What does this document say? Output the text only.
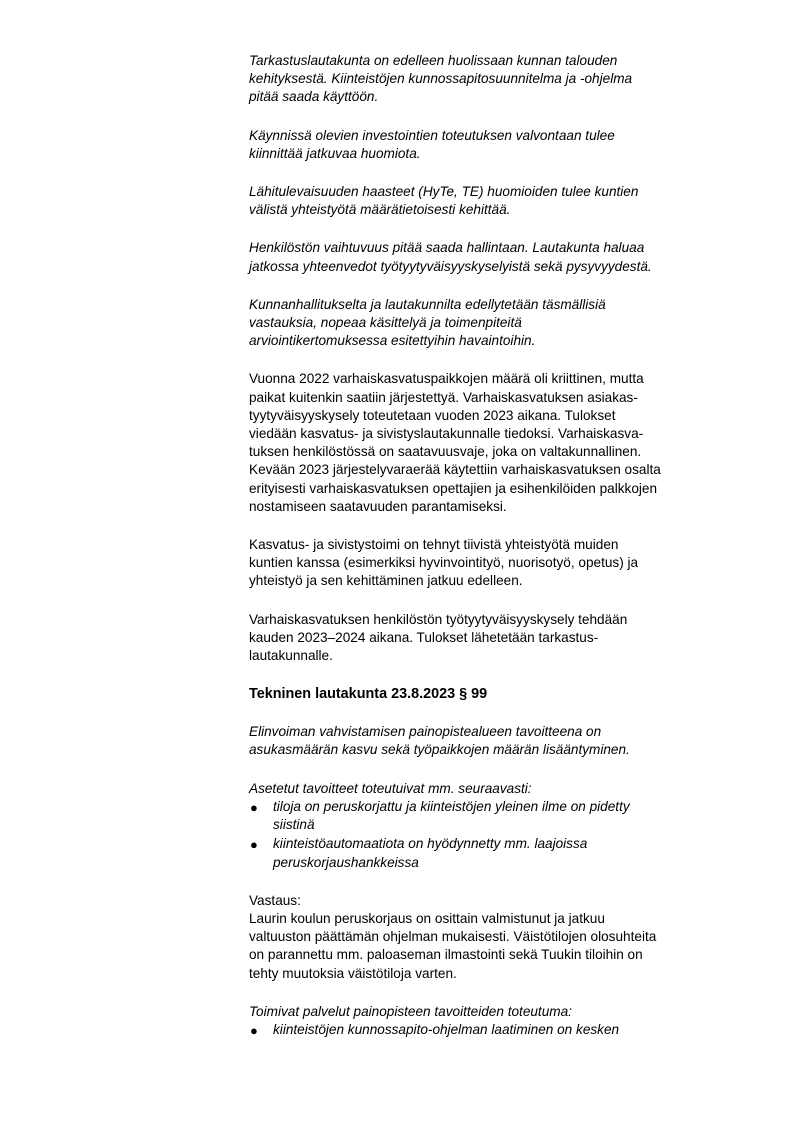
Tarkastuslautakunta on edelleen huolissaan kunnan talouden
kehityksestä. Kiinteistöjen kunnossapitosuunnitelma ja -ohjelma
pitää saada käyttöön.
Käynnissä olevien investointien toteutuksen valvontaan tulee
kiinnittää jatkuvaa huomiota.
Lähitulevaisuuden haasteet (HyTe, TE) huomioiden tulee kuntien
välistä yhteistyötä määrätietoisesti kehittää.
Henkilöstön vaihtuvuus pitää saada hallintaan. Lautakunta haluaa
jatkossa yhteenvedot työtyytyväisyyskyselyistä sekä pysyvyydestä.
Kunnanhallitukselta ja lautakunnilta edellytetään täsmällisiä
vastauksia, nopeaa käsittelyä ja toimenpiteitä
arviointikertomuksessa esitettyihin havaintoihin.
Vuonna 2022 varhaiskasvatuspaikkojen määrä oli kriittinen, mutta
paikat kuitenkin saatiin järjestettyä. Varhaiskasvatuksen asiakas-
tyytyväisyyskysely toteutetaan vuoden 2023 aikana. Tulokset
viedään kasvatus- ja sivistyslautakunnalle tiedoksi. Varhaiskasva-
tuksen henkilöstössä on saatavuusvaje, joka on valtakunnallinen.
Kevään 2023 järjestelyvaraerää käytettiin varhaiskasvatuksen osalta
erityisesti varhaiskasvatuksen opettajien ja esihenkilöiden palkkojen
nostamiseen saatavuuden parantamiseksi.
Kasvatus- ja sivistystoimi on tehnyt tiivistä yhteistyötä muiden
kuntien kanssa (esimerkiksi hyvinvointityö, nuorisotyö, opetus) ja
yhteistyö ja sen kehittäminen jatkuu edelleen.
Varhaiskasvatuksen henkilöstön työtyytyväisyyskysely tehdään
kauden 2023–2024 aikana. Tulokset lähetetään tarkastus-
lautakunnalle.
Tekninen lautakunta 23.8.2023 § 99
Elinvoiman vahvistamisen painopistealueen tavoitteena on
asukasmäärän kasvu sekä työpaikkojen määrän lisääntyminen.
Asetetut tavoitteet toteutuivat mm. seuraavasti:
● tiloja on peruskorjattu ja kiinteistöjen yleinen ilme on pidetty
siistinä
● kiinteistöautomaatiota on hyödynnetty mm. laajoissa
peruskorjaushankkeissa
Vastaus:
Laurin koulun peruskorjaus on osittain valmistunut ja jatkuu
valtuuston päättämän ohjelman mukaisesti. Väistötilojen olosuhteita
on parannettu mm. paloaseman ilmastointi sekä Tuukin tiloihin on
tehty muutoksia väistötiloja varten.
Toimivat palvelut painopisteen tavoitteiden toteutuma:
● kiinteistöjen kunnossapito-ohjelman laatiminen on kesken
